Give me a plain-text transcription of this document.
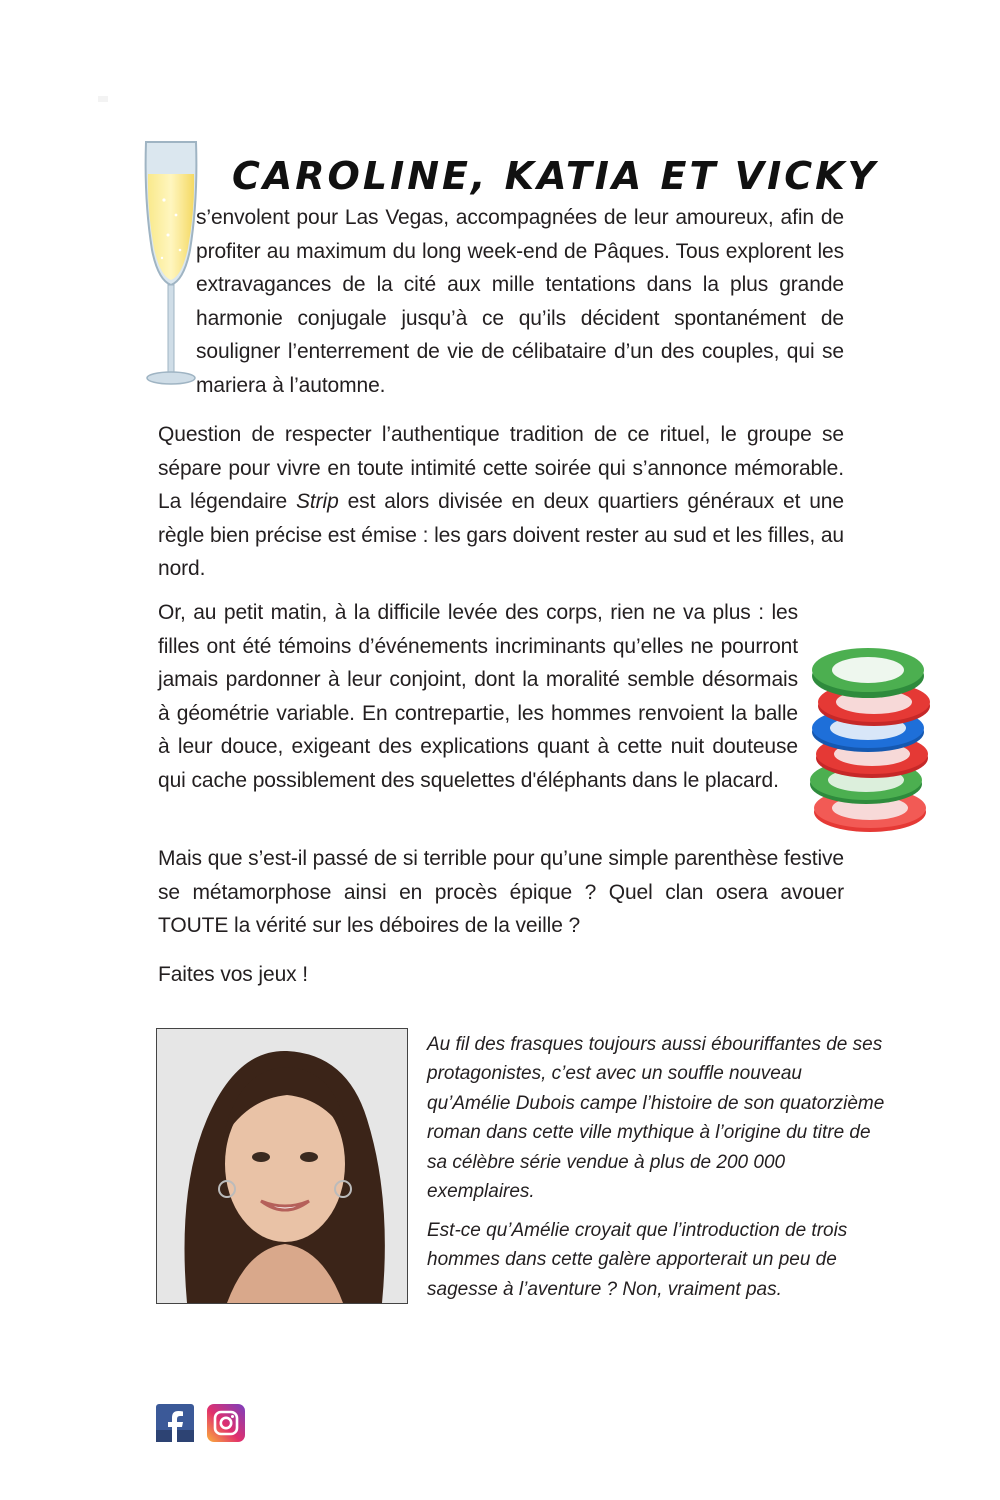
CAROLINE, KATIA ET VICKY

s’envolent pour Las Vegas, accompagnées de leur amoureux, afin de profiter au maximum du long week-end de Pâques. Tous explorent les extravagances de la cité aux mille tentations dans la plus grande harmonie conjugale jusqu’à ce qu’ils décident spontanément de souligner l’enterrement de vie de célibataire d’un des couples, qui se mariera à l’automne.

Question de respecter l’authentique tradition de ce rituel, le groupe se sépare pour vivre en toute intimité cette soirée qui s’annonce mémorable. La légendaire Strip est alors divisée en deux quartiers généraux et une règle bien précise est émise : les gars doivent rester au sud et les filles, au nord.

Or, au petit matin, à la difficile levée des corps, rien ne va plus : les filles ont été témoins d’événements incriminants qu’elles ne pourront jamais pardonner à leur conjoint, dont la moralité semble désormais à géométrie variable. En contrepartie, les hommes renvoient la balle à leur douce, exigeant des explications quant à cette nuit douteuse qui cache possiblement des squelettes d'éléphants dans le placard.

Mais que s’est-il passé de si terrible pour qu’une simple parenthèse festive se métamorphose ainsi en procès épique ? Quel clan osera avouer TOUTE la vérité sur les déboires de la veille ?

Faites vos jeux !

Au fil des frasques toujours aussi ébouriffantes de ses protagonistes, c’est avec un souffle nouveau qu’Amélie Dubois campe l’histoire de son quatorzième roman dans cette ville mythique à l’origine du titre de sa célèbre série vendue à plus de 200 000 exemplaires.

Est-ce qu’Amélie croyait que l’introduction de trois hommes dans cette galère apporterait un peu de sagesse à l’aventure ? Non, vraiment pas.
